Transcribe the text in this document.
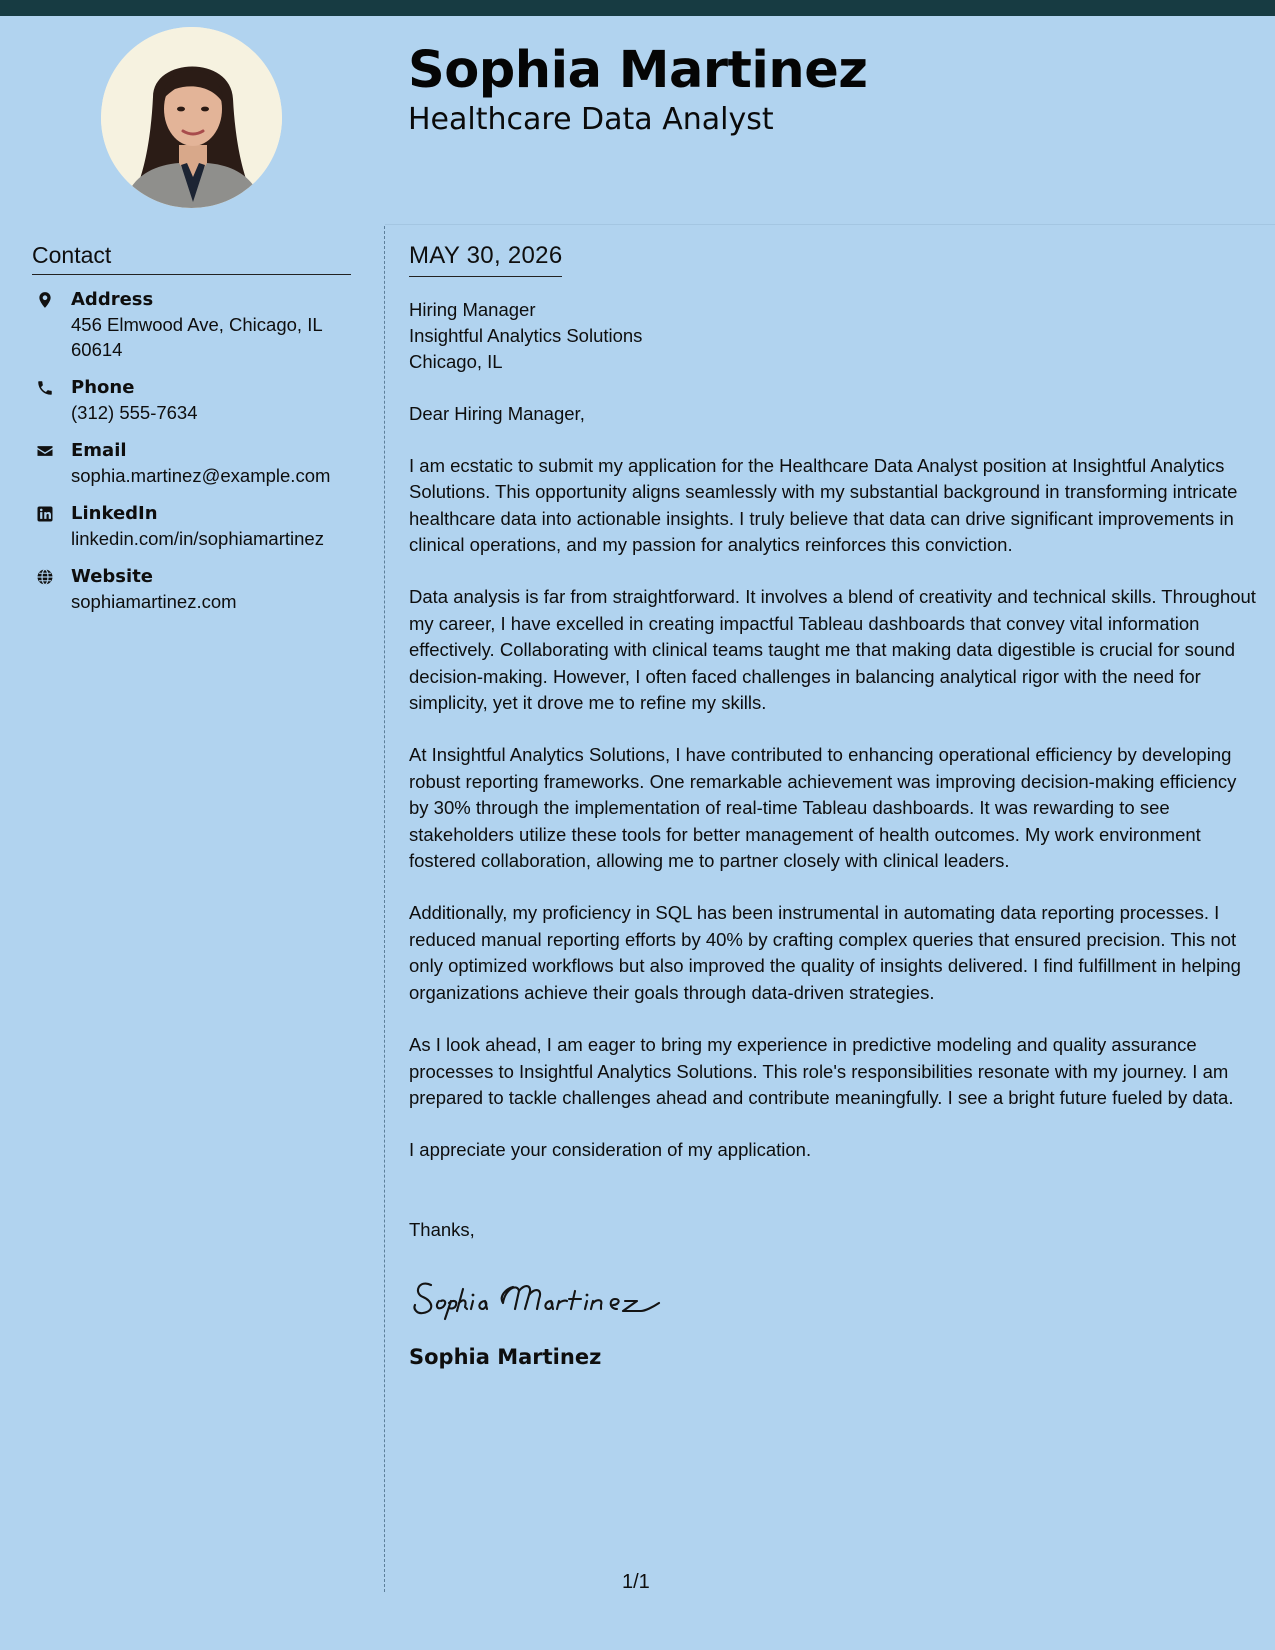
Sophia Martinez
Healthcare Data Analyst
Contact
Address
456 Elmwood Ave, Chicago, IL 60614
Phone
(312) 555-7634
Email
sophia.martinez@example.com
LinkedIn
linkedin.com/in/sophiamartinez
Website
sophiamartinez.com
MAY 30, 2026
Hiring Manager
Insightful Analytics Solutions
Chicago, IL
Dear Hiring Manager,

I am ecstatic to submit my application for the Healthcare Data Analyst position at Insightful Analytics Solutions. This opportunity aligns seamlessly with my substantial background in transforming intricate healthcare data into actionable insights. I truly believe that data can drive significant improvements in clinical operations, and my passion for analytics reinforces this conviction.

Data analysis is far from straightforward. It involves a blend of creativity and technical skills. Throughout my career, I have excelled in creating impactful Tableau dashboards that convey vital information effectively. Collaborating with clinical teams taught me that making data digestible is crucial for sound decision-making. However, I often faced challenges in balancing analytical rigor with the need for simplicity, yet it drove me to refine my skills.

At Insightful Analytics Solutions, I have contributed to enhancing operational efficiency by developing robust reporting frameworks. One remarkable achievement was improving decision-making efficiency by 30% through the implementation of real-time Tableau dashboards. It was rewarding to see stakeholders utilize these tools for better management of health outcomes. My work environment fostered collaboration, allowing me to partner closely with clinical leaders.

Additionally, my proficiency in SQL has been instrumental in automating data reporting processes. I reduced manual reporting efforts by 40% by crafting complex queries that ensured precision. This not only optimized workflows but also improved the quality of insights delivered. I find fulfillment in helping organizations achieve their goals through data-driven strategies.

As I look ahead, I am eager to bring my experience in predictive modeling and quality assurance processes to Insightful Analytics Solutions. This role's responsibilities resonate with my journey. I am prepared to tackle challenges ahead and contribute meaningfully. I see a bright future fueled by data.

I appreciate your consideration of my application.

Thanks,
Sophia Martinez
1/1
